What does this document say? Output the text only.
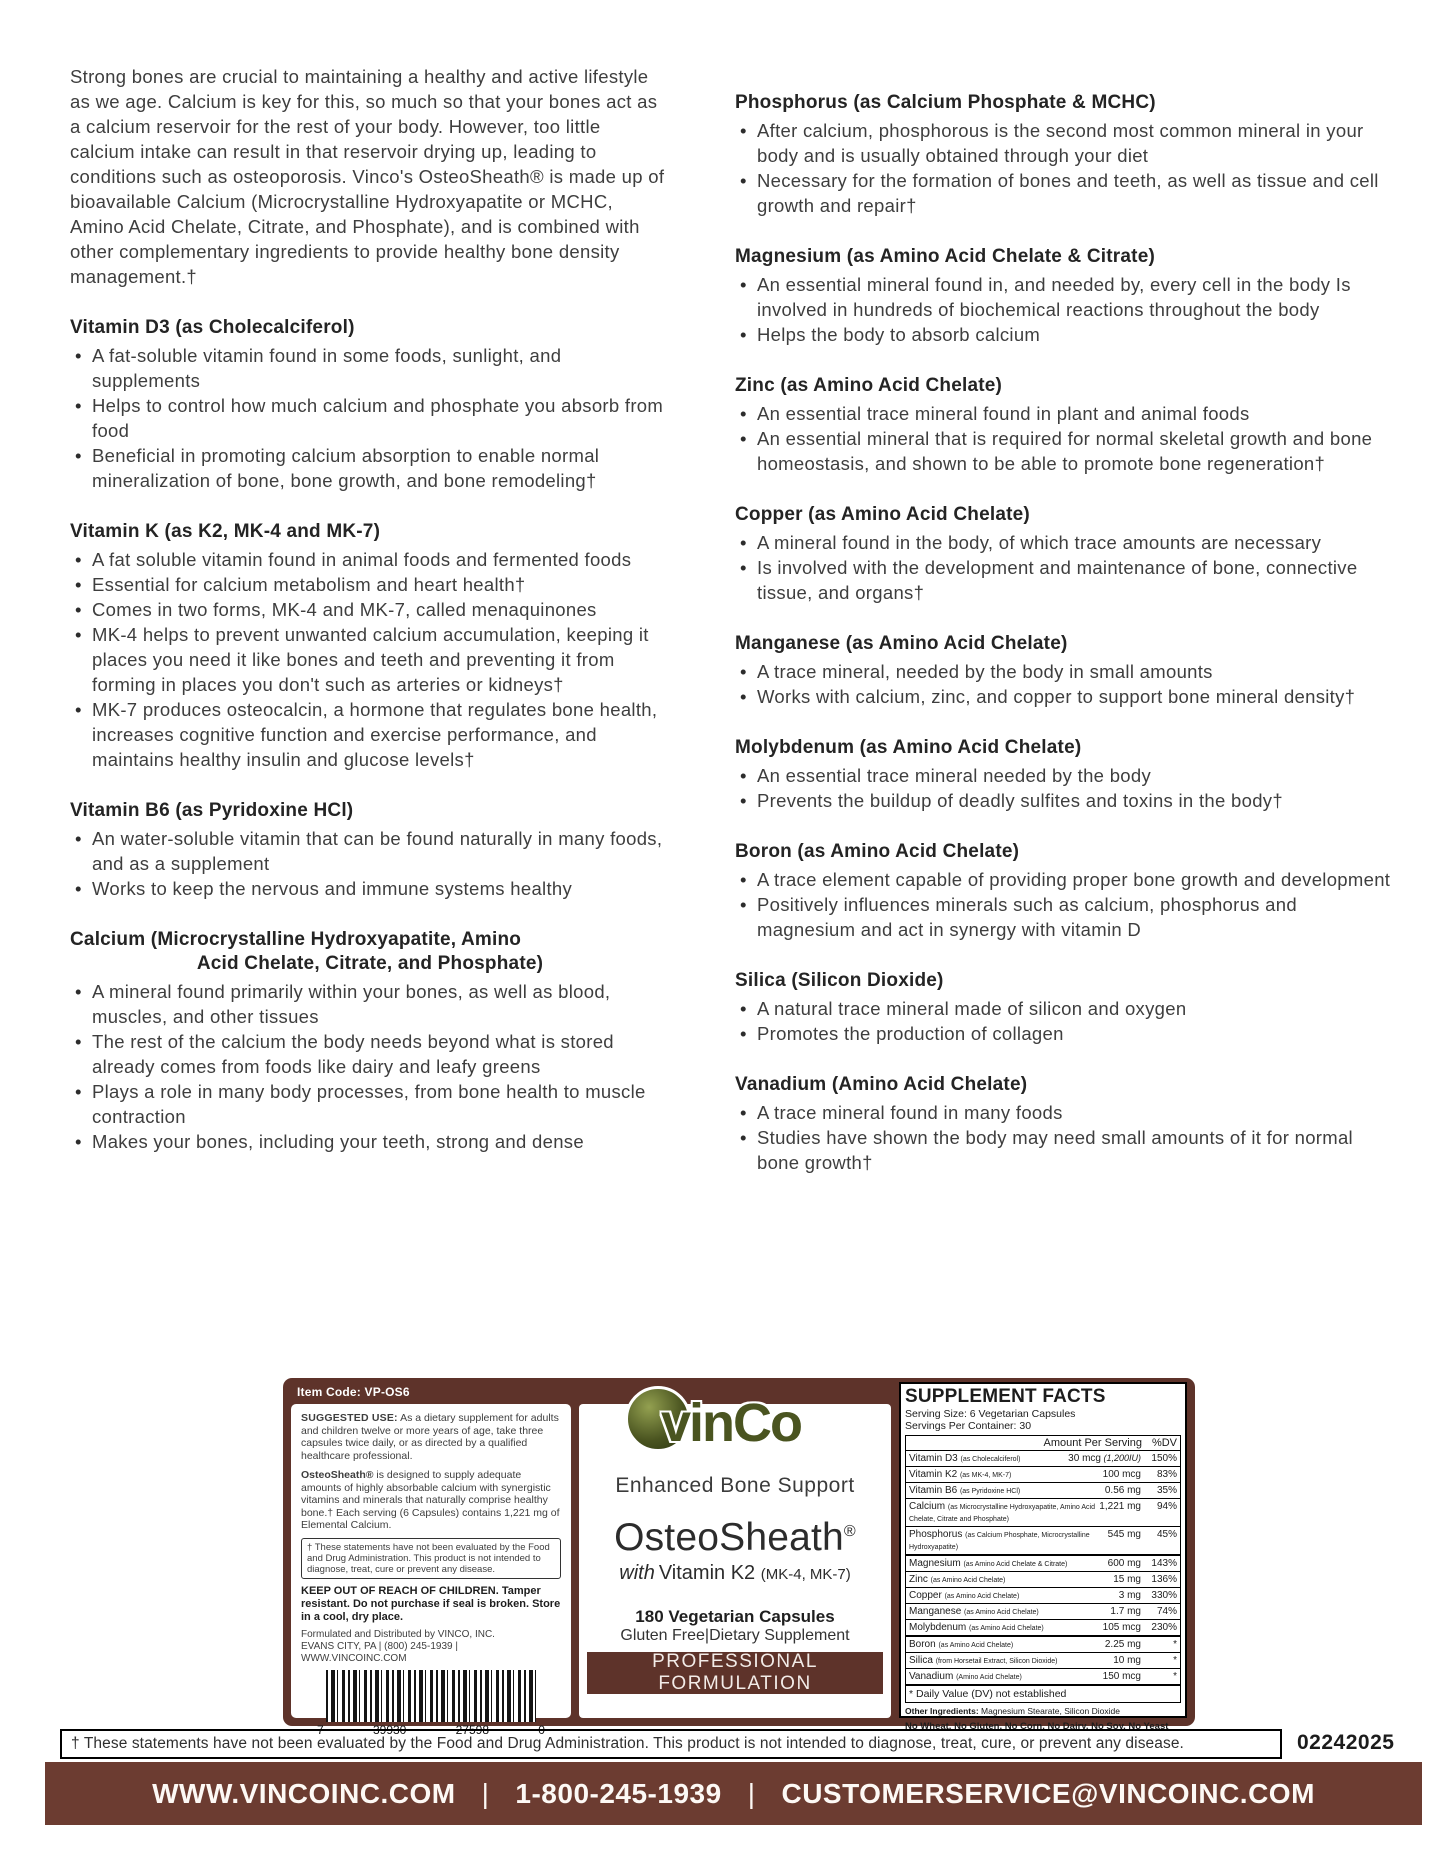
Strong bones are crucial to maintaining a healthy and active lifestyle as we age. Calcium is key for this, so much so that your bones act as a calcium reservoir for the rest of your body. However, too little calcium intake can result in that reservoir drying up, leading to conditions such as osteoporosis. Vinco's OsteoSheath® is made up of bioavailable Calcium (Microcrystalline Hydroxyapatite or MCHC, Amino Acid Chelate, Citrate, and Phosphate), and is combined with other complementary ingredients to provide healthy bone density management.†

Vitamin D3 (as Cholecalciferol)
• A fat-soluble vitamin found in some foods, sunlight, and supplements
• Helps to control how much calcium and phosphate you absorb from food
• Beneficial in promoting calcium absorption to enable normal mineralization of bone, bone growth, and bone remodeling†
Vitamin K (as K2, MK-4 and MK-7)
• A fat soluble vitamin found in animal foods and fermented foods
• Essential for calcium metabolism and heart health†
• Comes in two forms, MK-4 and MK-7, called menaquinones
• MK-4 helps to prevent unwanted calcium accumulation, keeping it places you need it like bones and teeth and preventing it from forming in places you don't such as arteries or kidneys†
• MK-7 produces osteocalcin, a hormone that regulates bone health, increases cognitive function and exercise performance, and maintains healthy insulin and glucose levels†
Vitamin B6 (as Pyridoxine HCl)
• An water-soluble vitamin that can be found naturally in many foods, and as a supplement
• Works to keep the nervous and immune systems healthy
Calcium (Microcrystalline Hydroxyapatite, Amino
Acid Chelate, Citrate, and Phosphate)
• A mineral found primarily within your bones, as well as blood, muscles, and other tissues
• The rest of the calcium the body needs beyond what is stored already comes from foods like dairy and leafy greens
• Plays a role in many body processes, from bone health to muscle contraction
• Makes your bones, including your teeth, strong and dense
Phosphorus (as Calcium Phosphate & MCHC)
• After calcium, phosphorous is the second most common mineral in your body and is usually obtained through your diet
• Necessary for the formation of bones and teeth, as well as tissue and cell growth and repair†
Magnesium (as Amino Acid Chelate & Citrate)
• An essential mineral found in, and needed by, every cell in the body Is involved in hundreds of biochemical reactions throughout the body
• Helps the body to absorb calcium
Zinc (as Amino Acid Chelate)
• An essential trace mineral found in plant and animal foods
• An essential mineral that is required for normal skeletal growth and bone homeostasis, and shown to be able to promote bone regeneration†
Copper (as Amino Acid Chelate)
• A mineral found in the body, of which trace amounts are necessary
• Is involved with the development and maintenance of bone, connective tissue, and organs†
Manganese (as Amino Acid Chelate)
• A trace mineral, needed by the body in small amounts
• Works with calcium, zinc, and copper to support bone mineral density†
Molybdenum (as Amino Acid Chelate)
• An essential trace mineral needed by the body
• Prevents the buildup of deadly sulfites and toxins in the body†
Boron (as Amino Acid Chelate)
• A trace element capable of providing proper bone growth and development
• Positively influences minerals such as calcium, phosphorus and magnesium and act in synergy with vitamin D
Silica (Silicon Dioxide)
• A natural trace mineral made of silicon and oxygen
• Promotes the production of collagen
Vanadium (Amino Acid Chelate)
• A trace mineral found in many foods
• Studies have shown the body may need small amounts of it for normal bone growth†
Item Code: VP-OS6

SUGGESTED USE: As a dietary supplement for adults and children twelve or more years of age, take three capsules twice daily, or as directed by a qualified healthcare professional.

OsteoSheath® is designed to supply adequate amounts of highly absorbable calcium with synergistic vitamins and minerals that naturally comprise healthy bone.† Each serving (6 Capsules) contains 1,221 mg of Elemental Calcium.

† These statements have not been evaluated by the Food and Drug Administration. This product is not intended to diagnose, treat, cure or prevent any disease.

KEEP OUT OF REACH OF CHILDREN. Tamper resistant. Do not purchase if seal is broken. Store in a cool, dry place.

Formulated and Distributed by VINCO, INC.

EVANS CITY, PA | (800) 245-1939 | WWW.VINCOINC.COM

7	39930	27598	0
vinCo
Enhanced Bone Support
OsteoSheath®
with Vitamin K2 (MK-4, MK-7)
180 Vegetarian Capsules
Gluten Free|Dietary Supplement
PROFESSIONAL FORMULATION
SUPPLEMENT FACTS
Serving Size: 6 Vegetarian Capsules
Servings Per Container: 30
Amount Per Serving %DV
Vitamin D3 (as Cholecalciferol)	30 mcg (1,200IU)	150%
Vitamin K2 (as MK-4, MK-7)	100 mcg	83%
Vitamin B6 (as Pyridoxine HCl)	0.56 mg	35%
Calcium (as Microcrystalline Hydroxyapatite, Amino Acid Chelate, Citrate and Phosphate)
1,221 mg	94%
Phosphorus (as Calcium Phosphate, Microcrystalline Hydroxyapatite)
545 mg	45%
Magnesium (as Amino Acid Chelate & Citrate)	600 mg	143%
Zinc (as Amino Acid Chelate)	15 mg	136%
Copper (as Amino Acid Chelate)	3 mg	330%
Manganese (as Amino Acid Chelate)	1.7 mg	74%
Molybdenum (as Amino Acid Chelate)	105 mcg	230%
Boron (as Amino Acid Chelate)	2.25 mg	*
Silica (from Horsetail Extract, Silicon Dioxide)	10 mg	*
Vanadium (Amino Acid Chelate)	150 mcg	*
* Daily Value (DV) not established
Other Ingredients: Magnesium Stearate, Silicon Dioxide
No Wheat, No Gluten, No Corn, No Dairy, No Soy, No Yeast
† These statements have not been evaluated by the Food and Drug Administration. This product is not intended to diagnose, treat, cure, or prevent any disease.	02242025
WWW.VINCOINC.COM | 1-800-245-1939 | CUSTOMERSERVICE@VINCOINC.COM
